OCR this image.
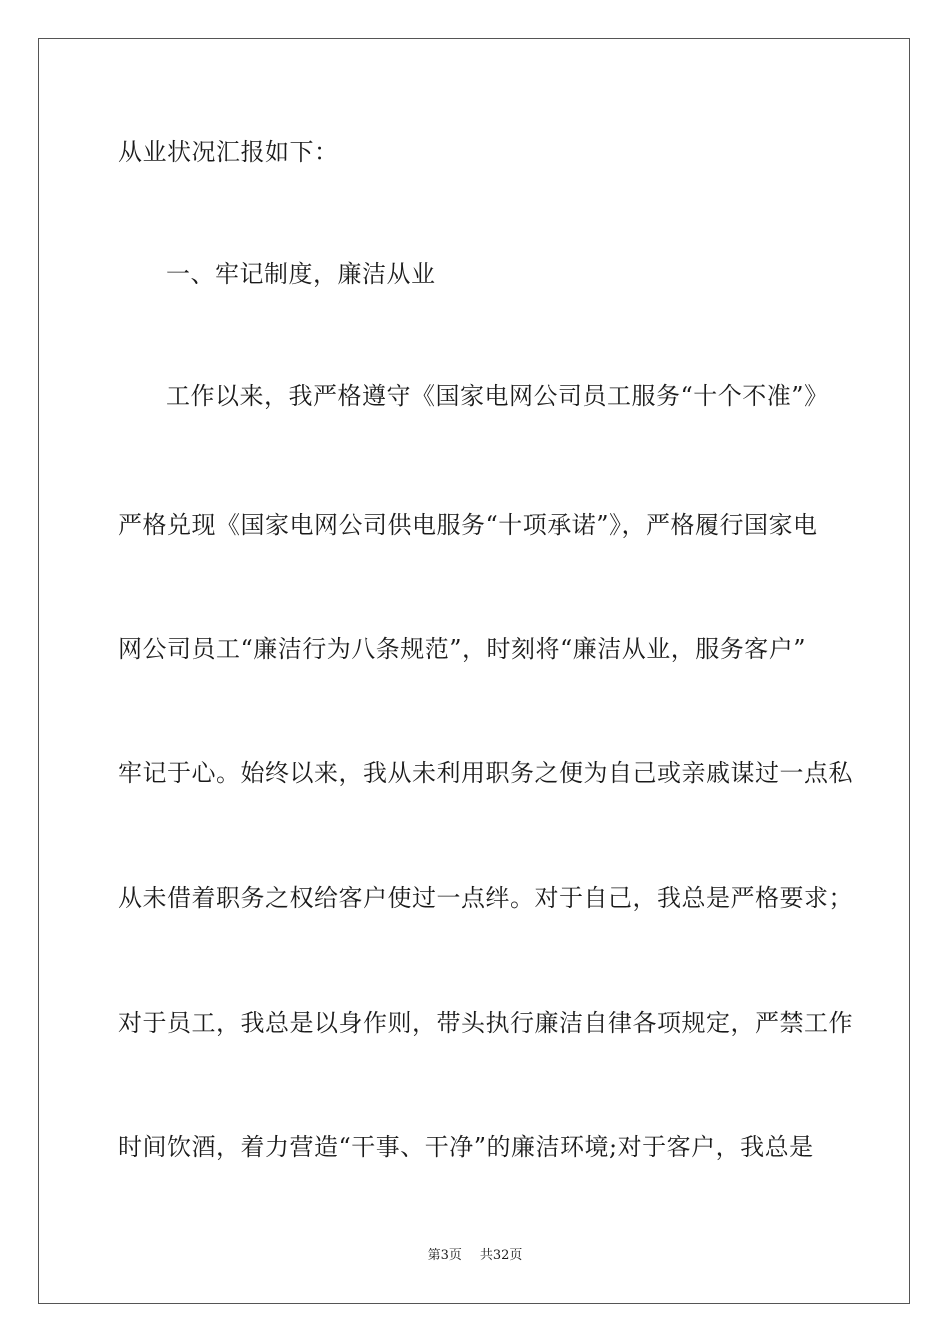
从业状况汇报如下：
一、牢记制度，廉洁从业
工作以来，我严格遵守《国家电网公司员工服务“十个不准”》
严格兑现《国家电网公司供电服务“十项承诺”》，严格履行国家电
网公司员工“廉洁行为八条规范”，时刻将“廉洁从业，服务客户”
牢记于心。始终以来，我从未利用职务之便为自己或亲戚谋过一点私
从未借着职务之权给客户使过一点绊。对于自己，我总是严格要求；
对于员工，我总是以身作则，带头执行廉洁自律各项规定，严禁工作
时间饮酒，着力营造“干事、干净”的廉洁环境;对于客户，我总是
第3页 共32页
